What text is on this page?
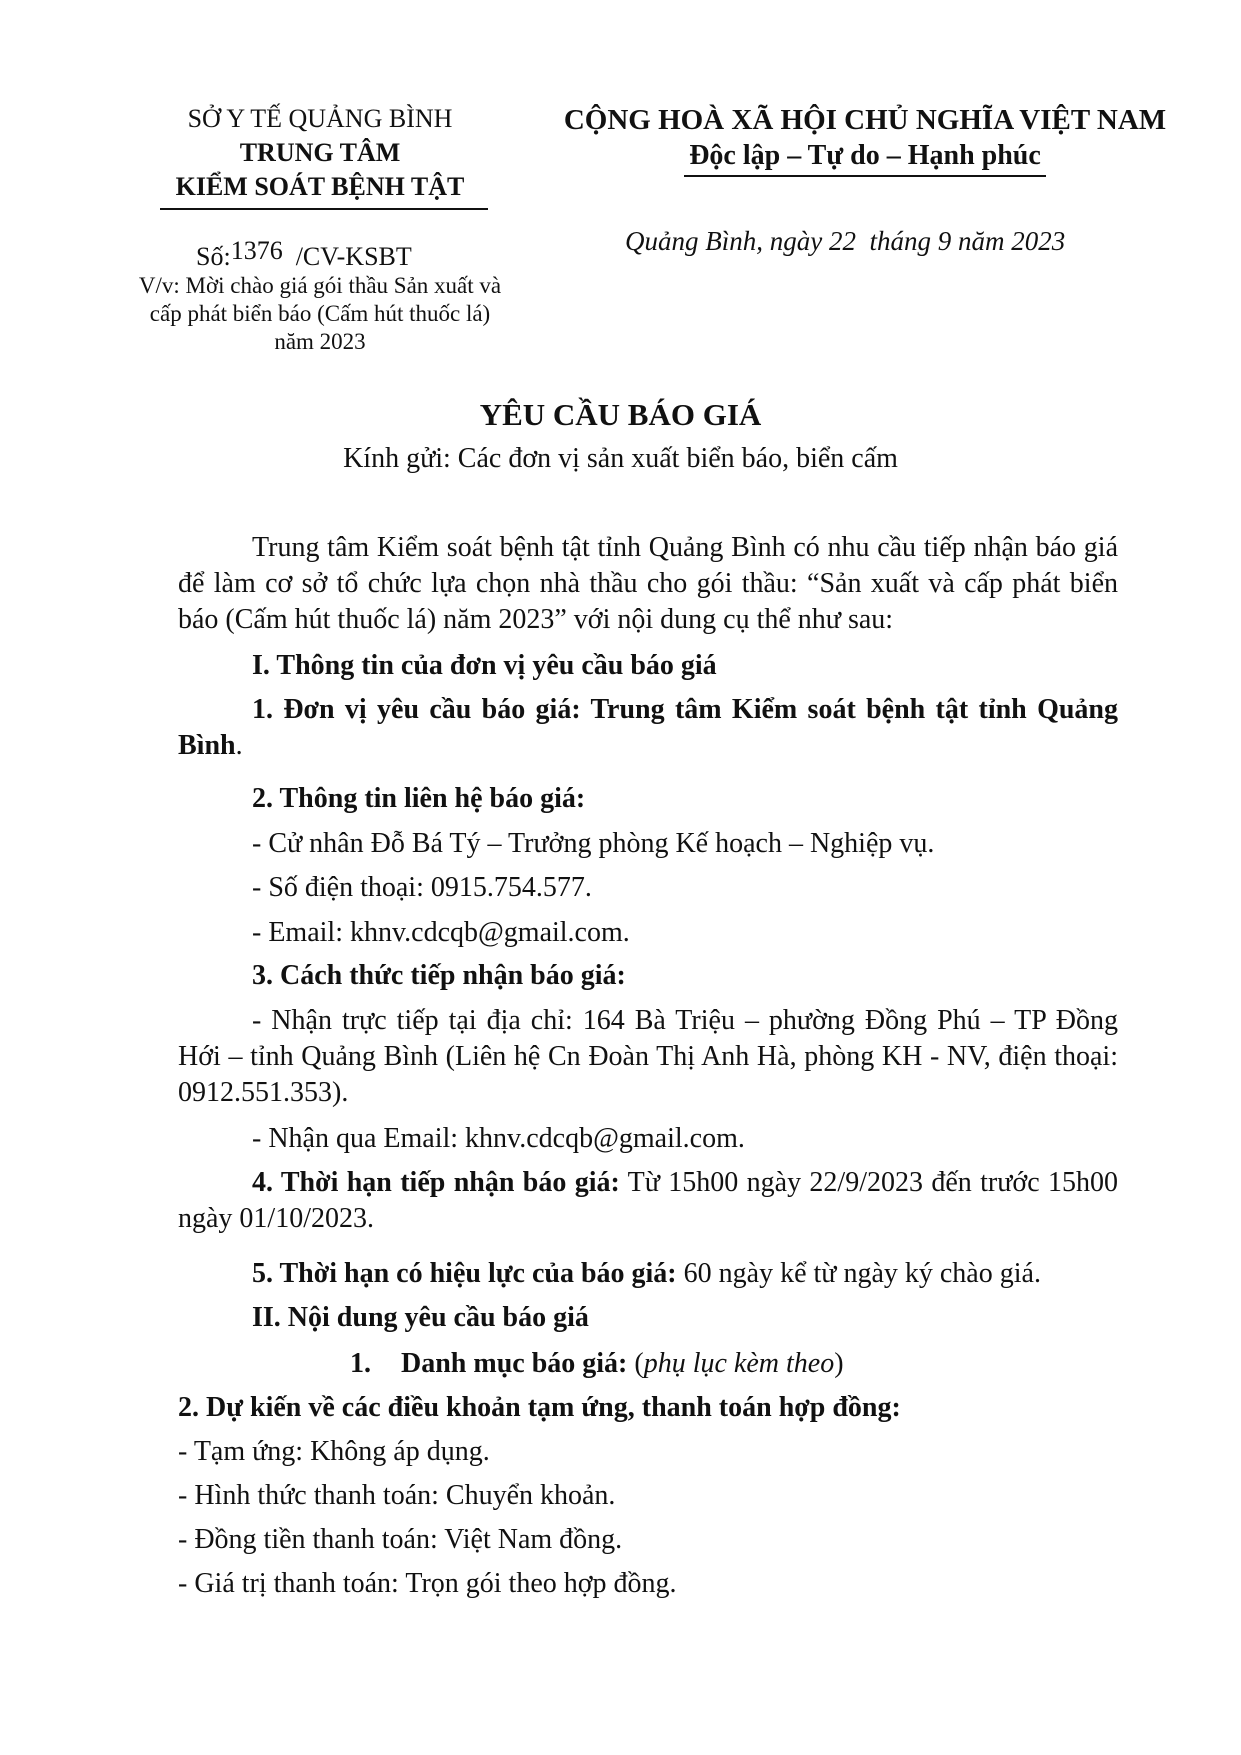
SỞ Y TẾ QUẢNG BÌNH
TRUNG TÂM
KIỂM SOÁT BỆNH TẬT
Số:1376 /CV-KSBT
V/v: Mời chào giá gói thầu Sản xuất và
cấp phát biển báo (Cấm hút thuốc lá)
năm 2023
CỘNG HOÀ XÃ HỘI CHỦ NGHĨA VIỆT NAM
Độc lập – Tự do – Hạnh phúc
Quảng Bình, ngày 22  tháng 9 năm 2023
YÊU CẦU BÁO GIÁ
Kính gửi: Các đơn vị sản xuất biển báo, biển cấm
Trung tâm Kiểm soát bệnh tật tỉnh Quảng Bình có nhu cầu tiếp nhận báo giá để làm cơ sở tổ chức lựa chọn nhà thầu cho gói thầu: “Sản xuất và cấp phát biển báo (Cấm hút thuốc lá) năm 2023” với nội dung cụ thể như sau:
I. Thông tin của đơn vị yêu cầu báo giá
1. Đơn vị yêu cầu báo giá: Trung tâm Kiểm soát bệnh tật tỉnh Quảng Bình.
2. Thông tin liên hệ báo giá:
- Cử nhân Đỗ Bá Tý – Trưởng phòng Kế hoạch – Nghiệp vụ.
- Số điện thoại: 0915.754.577.
- Email: khnv.cdcqb@gmail.com.
3. Cách thức tiếp nhận báo giá:
- Nhận trực tiếp tại địa chỉ: 164 Bà Triệu – phường Đồng Phú – TP Đồng Hới – tỉnh Quảng Bình (Liên hệ Cn Đoàn Thị Anh Hà, phòng KH - NV, điện thoại: 0912.551.353).
- Nhận qua Email: khnv.cdcqb@gmail.com.
4. Thời hạn tiếp nhận báo giá: Từ 15h00 ngày 22/9/2023 đến trước 15h00 ngày 01/10/2023.
5. Thời hạn có hiệu lực của báo giá: 60 ngày kể từ ngày ký chào giá.
II. Nội dung yêu cầu báo giá
1. Danh mục báo giá: (phụ lục kèm theo)
2. Dự kiến về các điều khoản tạm ứng, thanh toán hợp đồng:
- Tạm ứng: Không áp dụng.
- Hình thức thanh toán: Chuyển khoản.
- Đồng tiền thanh toán: Việt Nam đồng.
- Giá trị thanh toán: Trọn gói theo hợp đồng.
